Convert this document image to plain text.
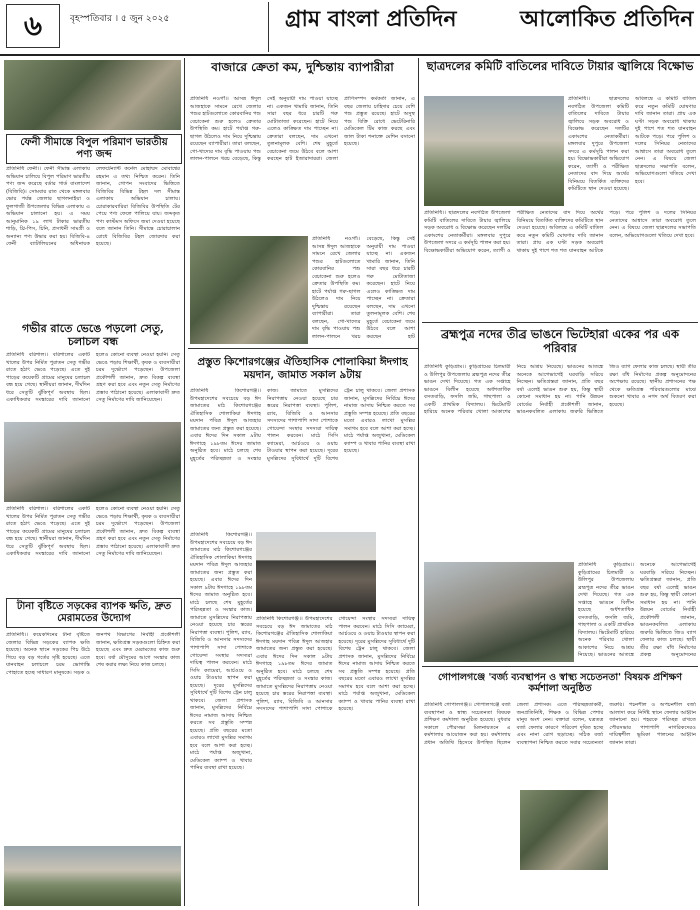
৬	বৃহস্পতিবার । ৫ জুন ২০২৫	গ্রাম বাংলা প্রতিদিন	আলোকিত প্রতিদিন
ফেনী সীমান্তে বিপুল পরিমাণ ভারতীয় পণ্য জব্দ
প্রতিনিধি ফেনী।। ফেনী সীমান্ত এলাকায় অভিযান চালিয়ে বিপুল পরিমাণ ভারতীয় পণ্য জব্দ করেছে বর্ডার গার্ড বাংলাদেশ (বিজিবি)। সোমবার রাত থেকে মঙ্গলবার ভোর পর্যন্ত জেলার ছাগলনাইয়া ও ফুলগাজী উপজেলার বিভিন্ন এলাকায় এ অভিযান চালানো হয়। এ সময় আনুমানিক ১৯ লাখ টাকার ভারতীয় শাড়ি, থ্রি-পিস, চিনি, প্রসাধনী সামগ্রী ও অন্যান্য পণ্য উদ্ধার করা হয়। বিজিবি-৪ ফেনী ব্যাটালিয়নের অধিনায়ক লেফটেন্যান্ট কর্নেল মোহাম্মদ মোবাশ্বের রহমান এ তথ্য নিশ্চিত করেন। তিনি জানান, গোপন সংবাদের ভিত্তিতে বিজিবির বিভিন্ন টহল দল সীমান্ত এলাকায় অভিযান চালায়। চোরাকারবারিরা বিজিবির উপস্থিতি টের পেয়ে পণ্য ফেলে পালিয়ে যায়। জব্দকৃত পণ্য কাস্টমস অফিসে জমা দেওয়া হয়েছে বলে জানান তিনি। সীমান্তে চোরাচালান রোধে বিজিবির টহল জোরদার করা হয়েছে।
গভীর রাতে ভেঙে পড়লো সেতু, চলাচল বন্ধ
প্রতিনিধি বরিশাল।। বরিশালের একটি খালের উপর নির্মিত পুরাতন সেতু গভীর রাতে হঠাৎ ভেঙে পড়েছে। এতে দুই পাড়ের কয়েকটি গ্রামের মানুষের চলাচল বন্ধ হয়ে গেছে। স্থানীয়রা জানান, দীর্ঘদিন ধরে সেতুটি ঝুঁকিপূর্ণ অবস্থায় ছিল। একাধিকবার সংস্কারের দাবি জানানো হলেও কোনো ব্যবস্থা নেওয়া হয়নি। সেতু ভেঙে পড়ায় শিক্ষার্থী, কৃষক ও ব্যবসায়ীরা চরম দুর্ভোগে পড়েছেন। উপজেলা প্রকৌশলী জানান, দ্রুত বিকল্প ব্যবস্থা গ্রহণ করা হবে এবং নতুন সেতু নির্মাণের প্রস্তাব পাঠানো হয়েছে। এলাকাবাসী দ্রুত সেতু নির্মাণের দাবি জানিয়েছেন।
প্রতিনিধি বরিশাল।। বরিশালের একটি খালের উপর নির্মিত পুরাতন সেতু গভীর রাতে হঠাৎ ভেঙে পড়েছে। এতে দুই পাড়ের কয়েকটি গ্রামের মানুষের চলাচল বন্ধ হয়ে গেছে। স্থানীয়রা জানান, দীর্ঘদিন ধরে সেতুটি ঝুঁকিপূর্ণ অবস্থায় ছিল। একাধিকবার সংস্কারের দাবি জানানো হলেও কোনো ব্যবস্থা নেওয়া হয়নি। সেতু ভেঙে পড়ায় শিক্ষার্থী, কৃষক ও ব্যবসায়ীরা চরম দুর্ভোগে পড়েছেন। উপজেলা প্রকৌশলী জানান, দ্রুত বিকল্প ব্যবস্থা গ্রহণ করা হবে এবং নতুন সেতু নির্মাণের প্রস্তাব পাঠানো হয়েছে। এলাকাবাসী দ্রুত সেতু নির্মাণের দাবি জানিয়েছেন।
টানা বৃষ্টিতে সড়কের ব্যাপক ক্ষতি, দ্রুত মেরামতের উদ্যোগ
প্রতিনিধি।। কয়েকদিনের টানা বৃষ্টিতে জেলার বিভিন্ন সড়কের ব্যাপক ক্ষতি হয়েছে। অনেক স্থানে সড়কের পিচ উঠে গিয়ে বড় বড় গর্তের সৃষ্টি হয়েছে। এতে যানবাহন চলাচলে চরম ভোগান্তি পোহাতে হচ্ছে সাধারণ মানুষকে। সড়ক ও জনপথ বিভাগের নির্বাহী প্রকৌশলী জানান, ক্ষতিগ্রস্ত সড়কগুলো চিহ্নিত করা হয়েছে এবং দ্রুত মেরামতের কাজ শুরু হবে। বর্ষা মৌসুমের আগে সংস্কার কাজ শেষ করার লক্ষ্য নিয়ে কাজ চলছে।
বাজারে ক্রেতা কম, দুশ্চিন্তায় ব্যাপারীরা
প্রতিনিধি নওগাঁ।। আসন্ন ঈদুল আজহাকে সামনে রেখে জেলার পশুর হাটগুলোতে কোরবানির পশু বেচাকেনা শুরু হলেও ক্রেতার উপস্থিতি কম। হাটে পর্যাপ্ত গরু-ছাগল উঠলেও দাম নিয়ে দুশ্চিন্তায় রয়েছেন ব্যাপারীরা। তারা বলছেন, গো-খাদ্যের দাম বৃদ্ধি পাওয়ায় পশু লালন-পালনে খরচ বেড়েছে, কিন্তু সেই অনুযায়ী দাম পাওয়া যাচ্ছে না। একজন খামারি জানান, তিনি সারা বছর ধরে চারটি গরু মোটাতাজা করেছেন। হাটে নিয়ে এলেও কাঙ্ক্ষিত দাম পাচ্ছেন না। ক্রেতারা বলছেন, দাম এখনো তুলনামূলক বেশি। শেষ মুহূর্তে বেচাকেনা জমে উঠবে বলে আশা করছেন হাট ইজারাদাররা। জেলা প্রাণিসম্পদ কর্মকর্তা জানান, এ বছর জেলায় চাহিদার চেয়ে বেশি পশু প্রস্তুত রয়েছে। হাটে অসুস্থ পশু বিক্রি রোধে ভেটেরিনারি মেডিকেল টিম কাজ করছে এবং জাল টাকা শনাক্তে মেশিন বসানো হয়েছে।
প্রতিনিধি নওগাঁ।। আসন্ন ঈদুল আজহাকে সামনে রেখে জেলার পশুর হাটগুলোতে কোরবানির পশু বেচাকেনা শুরু হলেও ক্রেতার উপস্থিতি কম। হাটে পর্যাপ্ত গরু-ছাগল উঠলেও দাম নিয়ে দুশ্চিন্তায় রয়েছেন ব্যাপারীরা। তারা বলছেন, গো-খাদ্যের দাম বৃদ্ধি পাওয়ায় পশু লালন-পালনে খরচ বেড়েছে, কিন্তু সেই অনুযায়ী দাম পাওয়া যাচ্ছে না। একজন খামারি জানান, তিনি সারা বছর ধরে চারটি গরু মোটাতাজা করেছেন। হাটে নিয়ে এলেও কাঙ্ক্ষিত দাম পাচ্ছেন না। ক্রেতারা বলছেন, দাম এখনো তুলনামূলক বেশি। শেষ মুহূর্তে বেচাকেনা জমে উঠবে বলে আশা করছেন হাট
প্রস্তুত কিশোরগঞ্জের ঐতিহাসিক শোলাকিয়া ঈদগাহ ময়দান, জামাত সকাল ৯টায়
প্রতিনিধি কিশোরগঞ্জ।। উপমহাদেশের সবচেয়ে বড় ঈদ জামাতের মাঠ কিশোরগঞ্জের ঐতিহাসিক শোলাকিয়া ঈদগাহ ময়দান পবিত্র ঈদুল আজহার জামাতের জন্য প্রস্তুত করা হয়েছে। এবার ঈদের দিন সকাল ৯টায় ঈদগাহে ১৯৮তম ঈদের জামাত অনুষ্ঠিত হবে। মাঠে চলছে শেষ মুহূর্তের পরিচ্ছন্নতা ও সংস্কার কাজ। জামাতে মুসল্লিদের নিরাপত্তায় নেওয়া হয়েছে চার স্তরের নিরাপত্তা ব্যবস্থা। পুলিশ, র‍্যাব, বিজিবি ও আনসার সদস্যদের পাশাপাশি সাদা পোশাকে গোয়েন্দা সংস্থার সদস্যরা দায়িত্ব পালন করবেন। মাঠে সিসি ক্যামেরা, আর্চওয়ে ও ওয়াচ টাওয়ার স্থাপন করা হয়েছে। দূরের মুসল্লিদের সুবিধার্থে দুটি বিশেষ ট্রেন চালু থাকবে। জেলা প্রশাসক জানান, মুসল্লিদের নির্বিঘ্নে ঈদের নামাজ আদায় নিশ্চিত করতে সব প্রস্তুতি সম্পন্ন হয়েছে। প্রতি বছরের মতো এবারও লাখো মুসল্লির সমাগম হবে বলে আশা করা হচ্ছে। মাঠে পর্যাপ্ত অজুখানা, মেডিকেল ক্যাম্প ও খাবার পানির ব্যবস্থা রাখা হয়েছে।
প্রতিনিধি কিশোরগঞ্জ।। উপমহাদেশের সবচেয়ে বড় ঈদ জামাতের মাঠ কিশোরগঞ্জের ঐতিহাসিক শোলাকিয়া ঈদগাহ ময়দান পবিত্র ঈদুল আজহার জামাতের জন্য প্রস্তুত করা হয়েছে। এবার ঈদের দিন সকাল ৯টায় ঈদগাহে ১৯৮তম ঈদের জামাত অনুষ্ঠিত হবে। মাঠে চলছে শেষ মুহূর্তের পরিচ্ছন্নতা ও সংস্কার কাজ। জামাতে মুসল্লিদের নিরাপত্তায় নেওয়া হয়েছে চার স্তরের নিরাপত্তা ব্যবস্থা। পুলিশ, র‍্যাব, বিজিবি ও আনসার সদস্যদের পাশাপাশি সাদা পোশাকে গোয়েন্দা সংস্থার সদস্যরা দায়িত্ব পালন করবেন। মাঠে সিসি ক্যামেরা, আর্চওয়ে ও ওয়াচ টাওয়ার স্থাপন করা হয়েছে। দূরের মুসল্লিদের সুবিধার্থে দুটি বিশেষ ট্রেন চালু থাকবে। জেলা প্রশাসক জানান, মুসল্লিদের নির্বিঘ্নে ঈদের নামাজ আদায় নিশ্চিত করতে সব প্রস্তুতি সম্পন্ন হয়েছে। প্রতি বছরের মতো এবারও লাখো মুসল্লির সমাগম হবে বলে আশা করা হচ্ছে। মাঠে পর্যাপ্ত অজুখানা, মেডিকেল ক্যাম্প ও খাবার পানির ব্যবস্থা রাখা হয়েছে।
প্রতিনিধি কিশোরগঞ্জ।। উপমহাদেশের সবচেয়ে বড় ঈদ জামাতের মাঠ কিশোরগঞ্জের ঐতিহাসিক শোলাকিয়া ঈদগাহ ময়দান পবিত্র ঈদুল আজহার জামাতের জন্য প্রস্তুত করা হয়েছে। এবার ঈদের দিন সকাল ৯টায় ঈদগাহে ১৯৮তম ঈদের জামাত অনুষ্ঠিত হবে। মাঠে চলছে শেষ মুহূর্তের পরিচ্ছন্নতা ও সংস্কার কাজ। জামাতে মুসল্লিদের নিরাপত্তায় নেওয়া হয়েছে চার স্তরের নিরাপত্তা ব্যবস্থা। পুলিশ, র‍্যাব, বিজিবি ও আনসার সদস্যদের পাশাপাশি সাদা পোশাকে গোয়েন্দা সংস্থার সদস্যরা দায়িত্ব পালন করবেন। মাঠে সিসি ক্যামেরা, আর্চওয়ে ও ওয়াচ টাওয়ার স্থাপন করা হয়েছে। দূরের মুসল্লিদের সুবিধার্থে দুটি বিশেষ ট্রেন চালু থাকবে। জেলা প্রশাসক জানান, মুসল্লিদের নির্বিঘ্নে ঈদের নামাজ আদায় নিশ্চিত করতে সব প্রস্তুতি সম্পন্ন হয়েছে। প্রতি বছরের মতো এবারও লাখো মুসল্লির সমাগম হবে বলে আশা করা হচ্ছে। মাঠে পর্যাপ্ত অজুখানা, মেডিকেল ক্যাম্প ও খাবার পানির ব্যবস্থা রাখা হয়েছে।
ছাত্রদলের কমিটি বাতিলের দাবিতে টায়ার জ্বালিয়ে বিক্ষোভ
প্রতিনিধি।। ছাত্রদলের নবগঠিত উপজেলা কমিটি বাতিলের দাবিতে টায়ার জ্বালিয়ে সড়ক অবরোধ ও বিক্ষোভ করেছেন দলটির একাংশের নেতাকর্মীরা। মঙ্গলবার দুপুরে উপজেলা সদরে এ কর্মসূচি পালন করা হয়। বিক্ষোভকারীরা অভিযোগ করেন, ত্যাগী ও পরীক্ষিত নেতাদের বাদ দিয়ে অর্থের বিনিময়ে বিতর্কিত ব্যক্তিদের কমিটিতে স্থান দেওয়া হয়েছে। অবিলম্বে এ কমিটি বাতিল করে নতুন কমিটি ঘোষণার দাবি জানান তারা। প্রায় এক ঘণ্টা সড়ক অবরোধ থাকায় দুই পাশে শত শত যানবাহন আটকে পড়ে। পরে পুলিশ ও দলের সিনিয়র নেতাদের আশ্বাসে তারা অবরোধ তুলে নেন। এ বিষয়ে জেলা ছাত্রদলের সভাপতি বলেন, অভিযোগগুলো খতিয়ে দেখা হবে।
প্রতিনিধি।। ছাত্রদলের নবগঠিত উপজেলা কমিটি বাতিলের দাবিতে টায়ার জ্বালিয়ে সড়ক অবরোধ ও বিক্ষোভ করেছেন দলটির একাংশের নেতাকর্মীরা। মঙ্গলবার দুপুরে উপজেলা সদরে এ কর্মসূচি পালন করা হয়। বিক্ষোভকারীরা অভিযোগ করেন, ত্যাগী ও পরীক্ষিত নেতাদের বাদ দিয়ে অর্থের বিনিময়ে বিতর্কিত ব্যক্তিদের কমিটিতে স্থান দেওয়া হয়েছে। অবিলম্বে এ কমিটি বাতিল করে নতুন কমিটি ঘোষণার দাবি জানান তারা। প্রায় এক ঘণ্টা সড়ক অবরোধ থাকায় দুই পাশে শত শত যানবাহন আটকে পড়ে। পরে পুলিশ ও দলের সিনিয়র নেতাদের আশ্বাসে তারা অবরোধ তুলে নেন। এ বিষয়ে জেলা ছাত্রদলের সভাপতি বলেন, অভিযোগগুলো খতিয়ে দেখা হবে।
ব্রহ্মপুত্র নদের তীব্র ভাঙনে ভিটেহারা একের পর এক পরিবার
প্রতিনিধি কুড়িগ্রাম।। কুড়িগ্রামের চিলমারী ও উলিপুর উপজেলায় ব্রহ্মপুত্র নদের তীব্র ভাঙন দেখা দিয়েছে। গত এক সপ্তাহে ভাঙনে বিলীন হয়েছে অর্ধশতাধিক বসতবাড়ি, ফসলি জমি, গাছপালা ও একটি প্রাথমিক বিদ্যালয়। ভিটেমাটি হারিয়ে অনেক পরিবার খোলা আকাশের নিচে আশ্রয় নিয়েছে। ভাঙনের আতঙ্কে অনেকে আগেভাগেই ঘরবাড়ি সরিয়ে নিচ্ছেন। ক্ষতিগ্রস্তরা জানান, প্রতি বছর বর্ষা এলেই ভাঙন শুরু হয়, কিন্তু স্থায়ী কোনো সমাধান হয় না। পানি উন্নয়ন বোর্ডের নির্বাহী প্রকৌশলী জানান, ভাঙনকবলিত এলাকায় জরুরি ভিত্তিতে জিও ব্যাগ ফেলার কাজ চলছে। স্থায়ী তীর রক্ষা বাঁধ নির্মাণের প্রকল্প অনুমোদনের অপেক্ষায় রয়েছে। স্থানীয় প্রশাসনের পক্ষ থেকে ক্ষতিগ্রস্ত পরিবারগুলোর মাঝে শুকনো খাবার ও নগদ অর্থ বিতরণ করা হয়েছে।
প্রতিনিধি কুড়িগ্রাম।। কুড়িগ্রামের চিলমারী ও উলিপুর উপজেলায় ব্রহ্মপুত্র নদের তীব্র ভাঙন দেখা দিয়েছে। গত এক সপ্তাহে ভাঙনে বিলীন হয়েছে অর্ধশতাধিক বসতবাড়ি, ফসলি জমি, গাছপালা ও একটি প্রাথমিক বিদ্যালয়। ভিটেমাটি হারিয়ে অনেক পরিবার খোলা আকাশের নিচে আশ্রয় নিয়েছে। ভাঙনের আতঙ্কে অনেকে আগেভাগেই ঘরবাড়ি সরিয়ে নিচ্ছেন। ক্ষতিগ্রস্তরা জানান, প্রতি বছর বর্ষা এলেই ভাঙন শুরু হয়, কিন্তু স্থায়ী কোনো সমাধান হয় না। পানি উন্নয়ন বোর্ডের নির্বাহী প্রকৌশলী জানান, ভাঙনকবলিত এলাকায় জরুরি ভিত্তিতে জিও ব্যাগ ফেলার কাজ চলছে। স্থায়ী তীর রক্ষা বাঁধ নির্মাণের প্রকল্প অনুমোদনের
গোপালগঞ্জে 'বর্জ্য ব্যবস্থাপন ও স্বাস্থ্য সচেতনতা' বিষয়ক প্রশিক্ষণ কর্মশালা অনুষ্ঠিত
প্রতিনিধি গোপালগঞ্জ।। গোপালগঞ্জে বর্জ্য ব্যবস্থাপনা ও স্বাস্থ্য সচেতনতা বিষয়ক প্রশিক্ষণ কর্মশালা অনুষ্ঠিত হয়েছে। বুধবার সকালে পৌরসভা মিলনায়তনে এ কর্মশালার আয়োজন করা হয়। কর্মশালায় প্রধান অতিথি হিসেবে উপস্থিত ছিলেন জেলা প্রশাসক। এতে পরিচ্ছন্নতাকর্মী, জনপ্রতিনিধি, শিক্ষক ও বিভিন্ন পেশার মানুষ অংশ নেন। বক্তারা বলেন, যত্রতত্র বর্জ্য ফেলার কারণে পরিবেশ দূষিত হচ্ছে এবং নানা রোগ ছড়াচ্ছে। সঠিক বর্জ্য ব্যবস্থাপনা নিশ্চিত করতে সবার সচেতনতা জরুরি। পচনশীল ও অপচনশীল বর্জ্য আলাদা করে নির্দিষ্ট স্থানে ফেলার আহ্বান জানানো হয়। শহরকে পরিচ্ছন্ন রাখতে পৌরসভার পাশাপাশি নাগরিকদেরও দায়িত্বশীল ভূমিকা পালনের আহ্বান জানান তারা।
